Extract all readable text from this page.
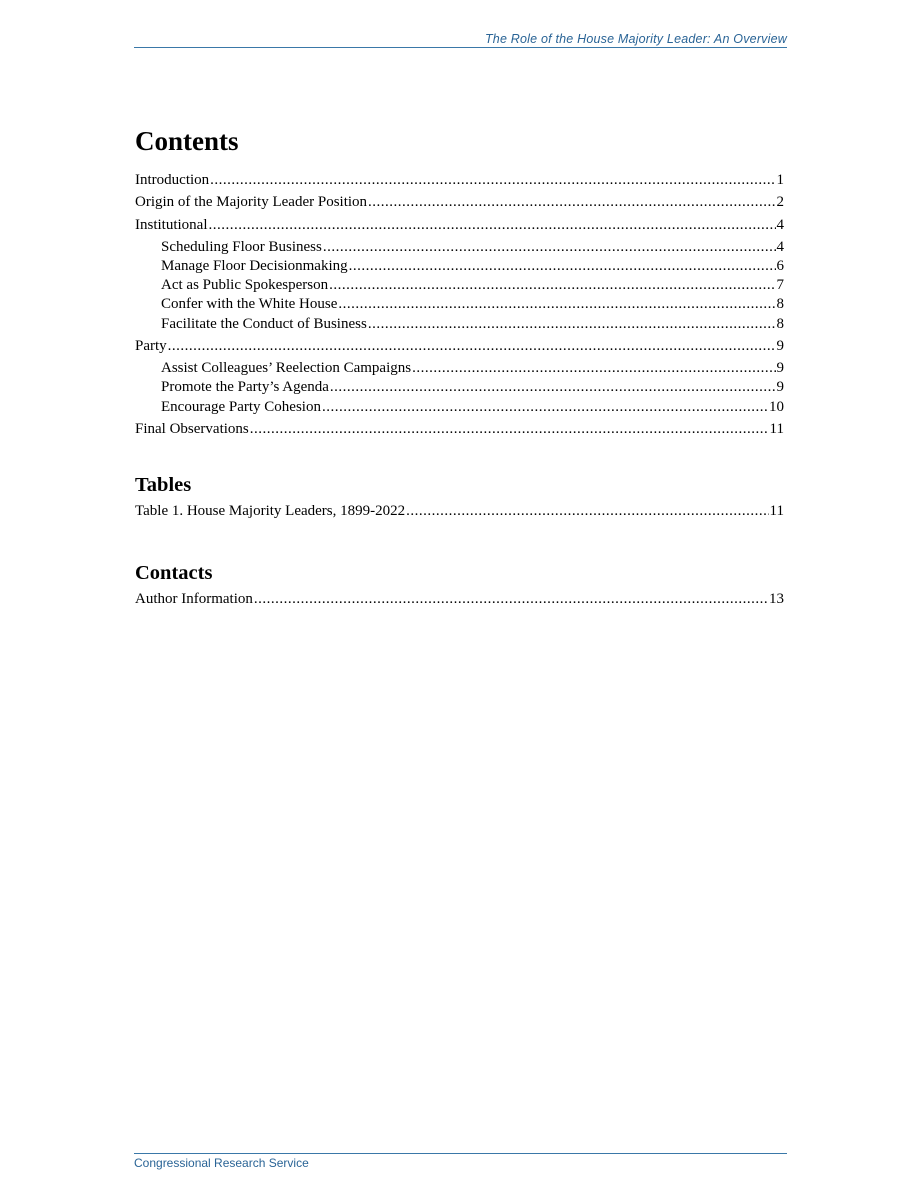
The Role of the House Majority Leader: An Overview
Contents
Introduction .....	1
Origin of the Majority Leader Position .....	2
Institutional .....	4
Scheduling Floor Business .....	4
Manage Floor Decisionmaking .....	6
Act as Public Spokesperson .....	7
Confer with the White House .....	8
Facilitate the Conduct of Business .....	8
Party .....	9
Assist Colleagues’ Reelection Campaigns .....	9
Promote the Party’s Agenda .....	9
Encourage Party Cohesion .....	10
Final Observations .....	11
Tables
Table 1. House Majority Leaders, 1899-2022 .....	11
Contacts
Author Information .....	13
Congressional Research Service
